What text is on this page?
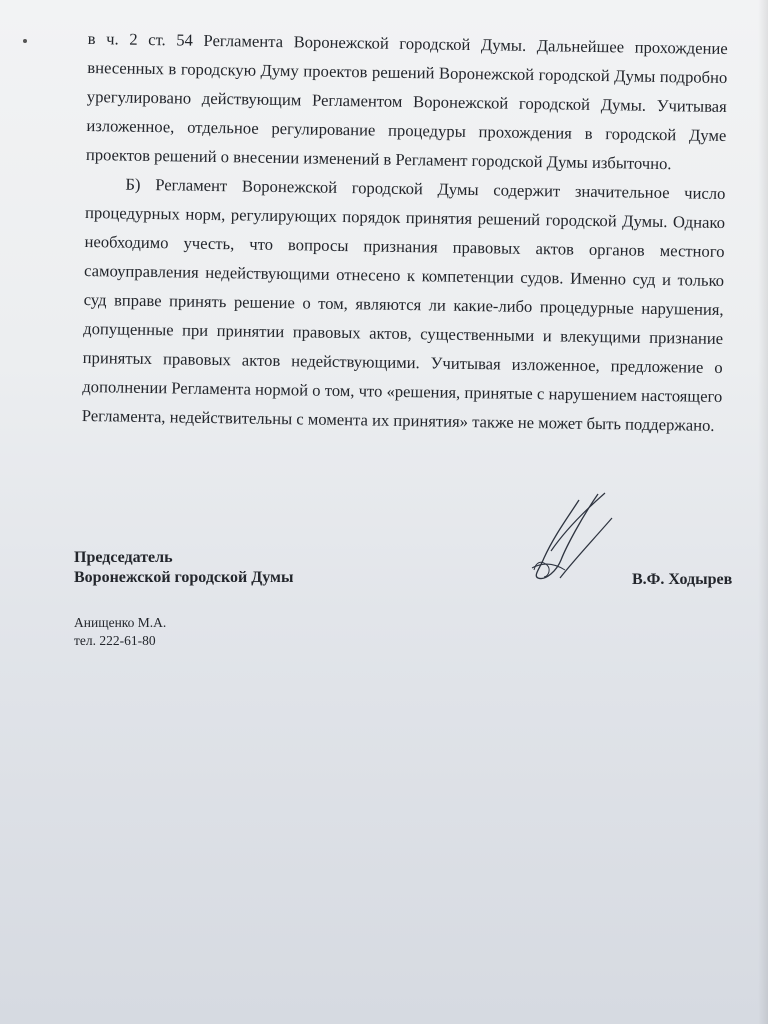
в ч. 2 ст. 54 Регламента Воронежской городской Думы. Дальнейшее прохождение внесенных в городскую Думу проектов решений Воронежской городской Думы подробно урегулировано действующим Регламентом Воронежской городской Думы. Учитывая изложенное, отдельное регулирование процедуры прохождения в городской Думе проектов решений о внесении изменений в Регламент городской Думы избыточно.

Б) Регламент Воронежской городской Думы содержит значительное число процедурных норм, регулирующих порядок принятия решений городской Думы. Однако необходимо учесть, что вопросы признания правовых актов органов местного самоуправления недействующими отнесено к компетенции судов. Именно суд и только суд вправе принять решение о том, являются ли какие-либо процедурные нарушения, допущенные при принятии правовых актов, существенными и влекущими признание принятых правовых актов недействующими. Учитывая изложенное, предложение о дополнении Регламента нормой о том, что «решения, принятые с нарушением настоящего Регламента, недействительны с момента их принятия» также не может быть поддержано.

Председатель
Воронежской городской Думы	В.Ф. Ходырев
Анищенко М.А.
тел. 222-61-80
